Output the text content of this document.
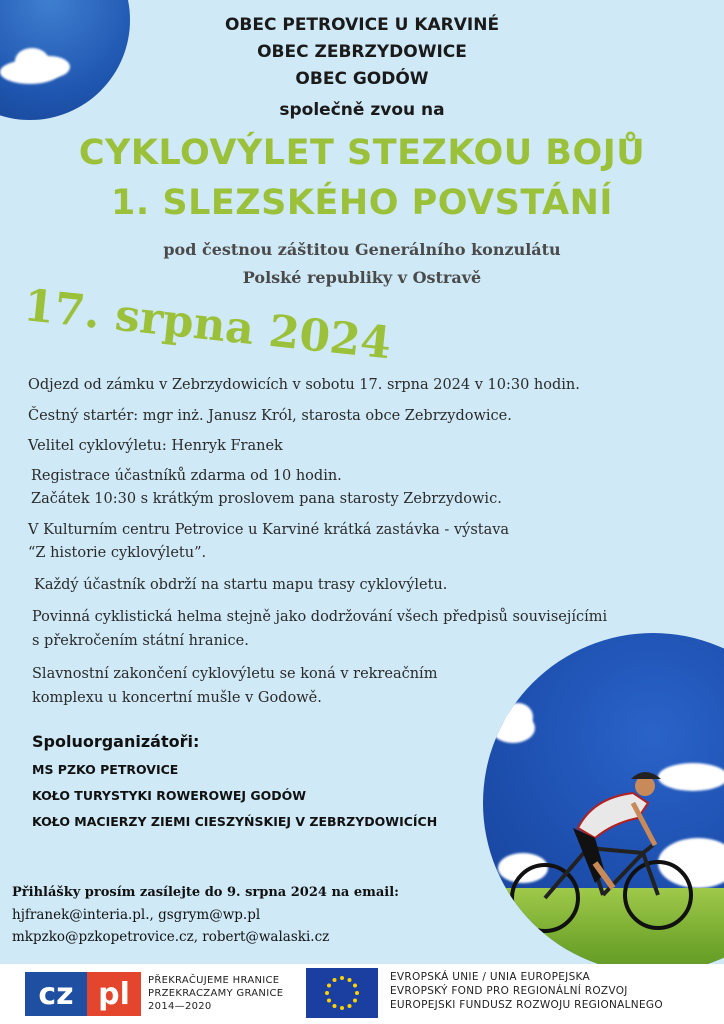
OBEC PETROVICE U KARVINÉ
OBEC ZEBRZYDOWICE
OBEC GODÓW
společně zvou na
CYKLOVÝLET STEZKOU BOJŮ
1. SLEZSKÉHO POVSTÁNÍ
pod čestnou záštitou Generálního konzulátu
Polské republiky v Ostravě
17. srpna 2024

Odjezd od zámku v Zebrzydowicích v sobotu 17. srpna 2024 v 10:30 hodin.

Čestný startér: mgr inż. Janusz Król, starosta obce Zebrzydowice.

Velitel cyklovýletu: Henryk Franek

Registrace účastníků zdarma od 10 hodin.

Začátek 10:30 s krátkým proslovem pana starosty Zebrzydowic.

V Kulturním centru Petrovice u Karviné krátká zastávka - výstava

“Z historie cyklovýletu”.

Každý účastník obdrží na startu mapu trasy cyklovýletu.

Povinná cyklistická helma stejně jako dodržování všech předpisů souvisejícími

s překročením státní hranice.

Slavnostní zakončení cyklovýletu se koná v rekreačním

komplexu u koncertní mušle v Godowě.

Spoluorganizátoři:
MS PZKO PETROVICE
KOŁO TURYSTYKI ROWEROWEJ GODÓW
KOŁO MACIERZY ZIEMI CIESZYŃSKIEJ V ZEBRZYDOWICÍCH
Přihlášky prosím zasílejte do 9. srpna 2024 na email:
hjfranek@interia.pl., gsgrym@wp.pl
mkpzko@pzkopetrovice.cz, robert@walaski.cz
cz pl	PŘEKRAČUJEME HRANICE
PRZEKRACZAMY GRANICE
2014—2020
EVROPSKÁ UNIE / UNIA EUROPEJSKA
EVROPSKÝ FOND PRO REGIONÁLNÍ ROZVOJ
EUROPEJSKI FUNDUSZ ROZWOJU REGIONALNEGO
